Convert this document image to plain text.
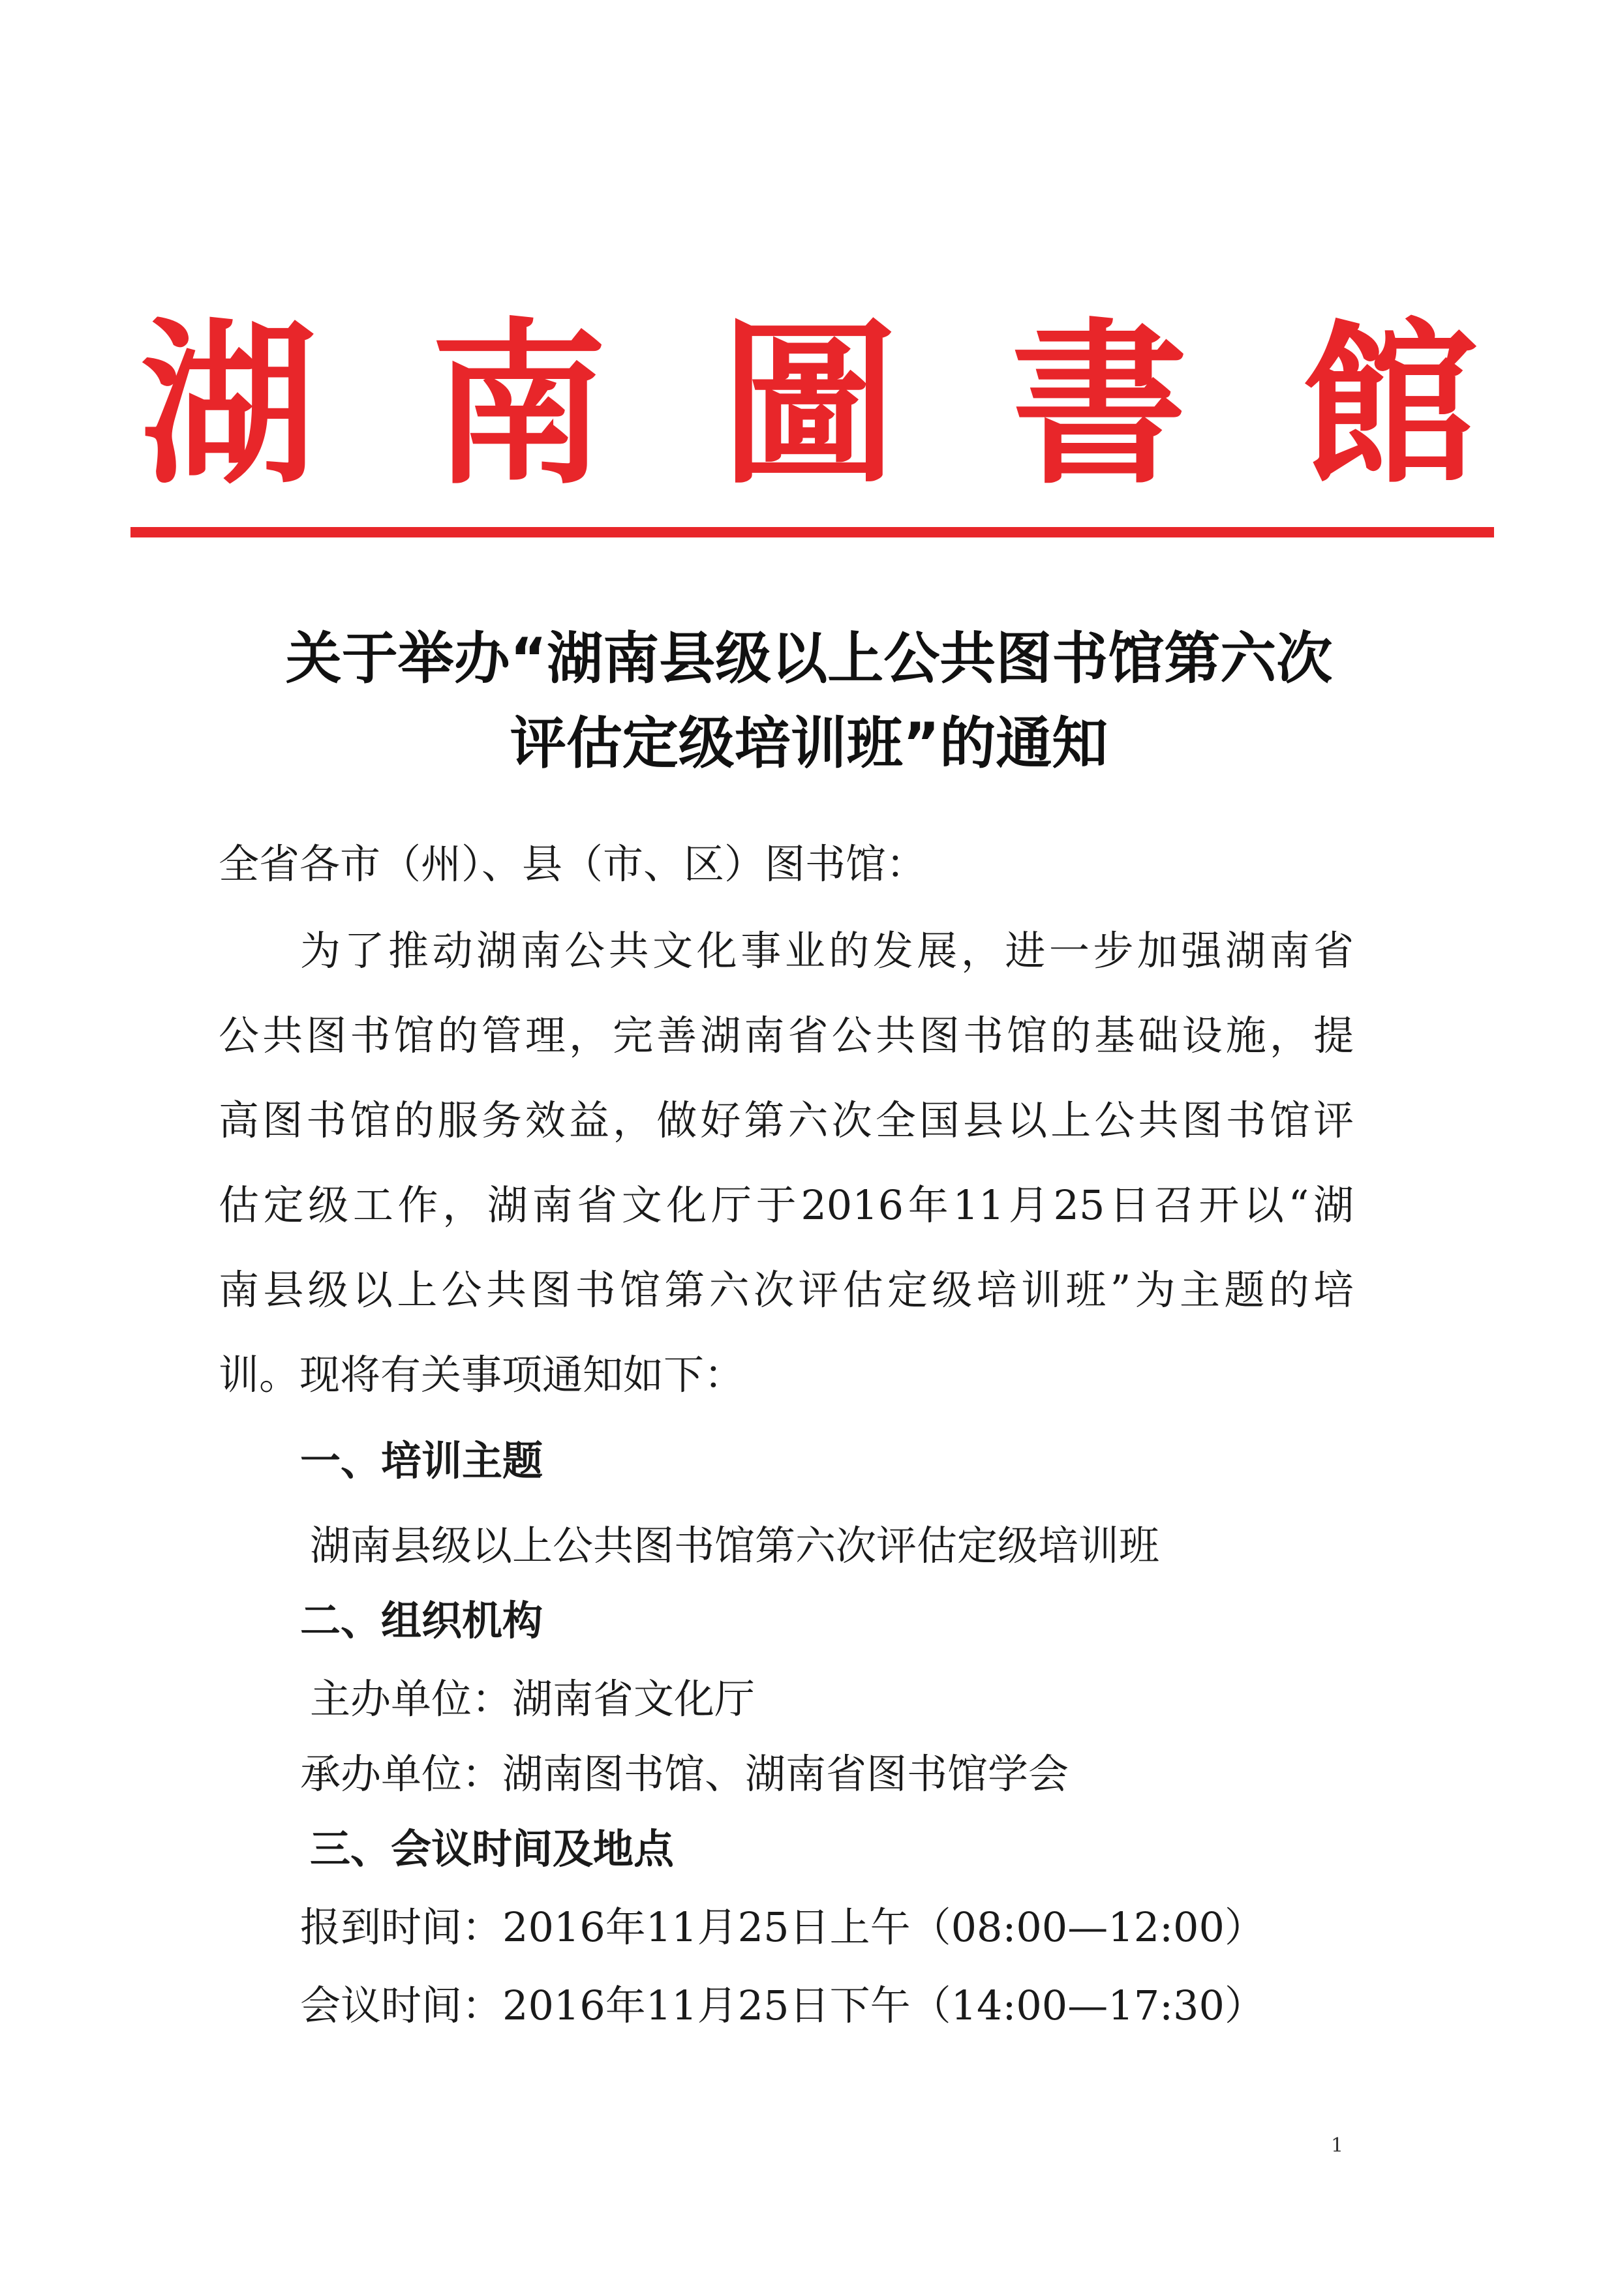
湖 南 圖 書 館
关于举办“湖南县级以上公共图书馆第六次
评估定级培训班”的通知
全省各市（州）、县（市、区）图书馆：
为了推动湖南公共文化事业的发展，进一步加强湖南省
公共图书馆的管理，完善湖南省公共图书馆的基础设施，提
高图书馆的服务效益，做好第六次全国县以上公共图书馆评
估定级工作，湖南省文化厅于2016年11月25日召开以“湖
南县级以上公共图书馆第六次评估定级培训班”为主题的培
训。现将有关事项通知如下：
一、培训主题
湖南县级以上公共图书馆第六次评估定级培训班
二、组织机构
主办单位：湖南省文化厅
承办单位：湖南图书馆、湖南省图书馆学会
三、会议时间及地点
报到时间：2016年11月25日上午（08:00—12:00）
会议时间：2016年11月25日下午（14:00—17:30）
1
